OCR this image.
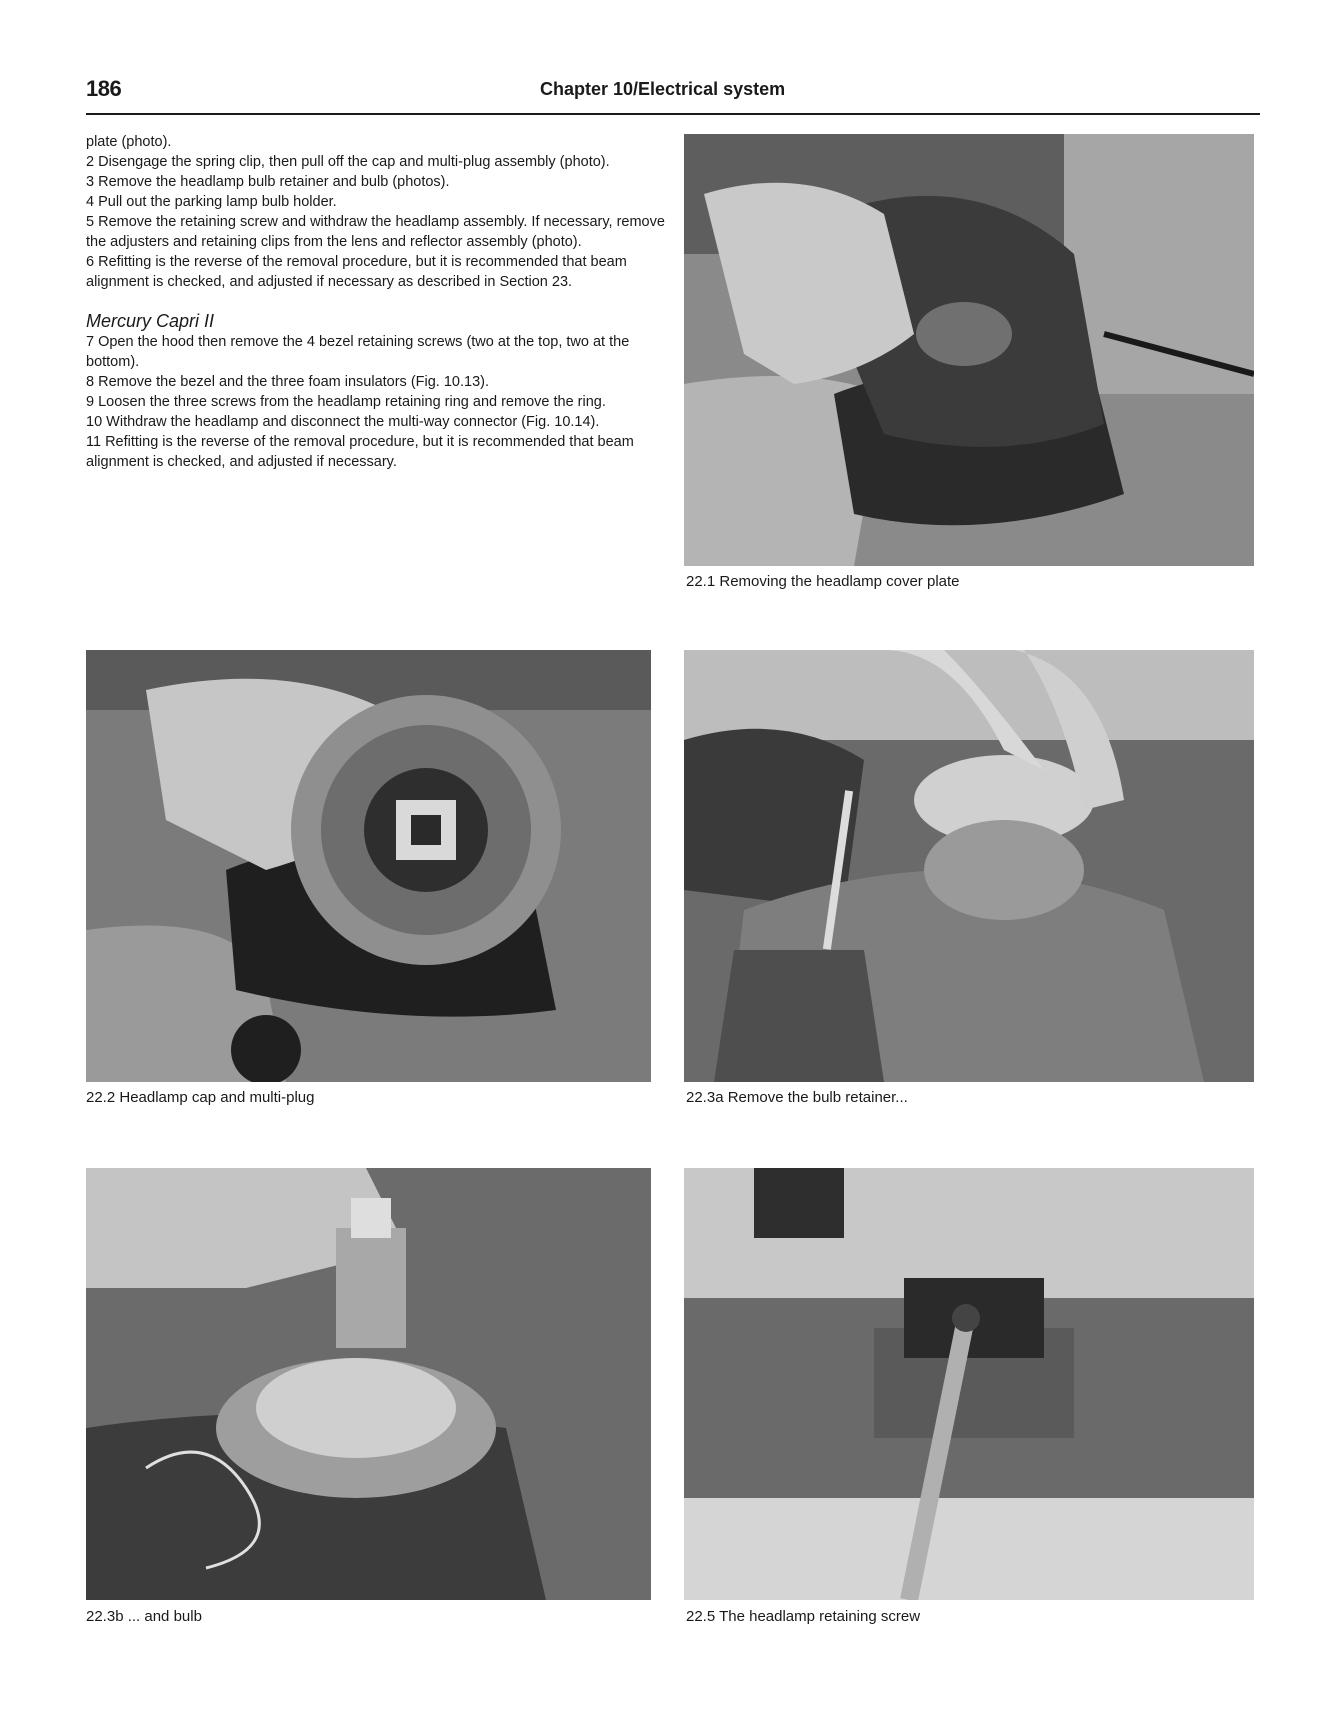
186	Chapter 10/Electrical system

plate (photo).

2 Disengage the spring clip, then pull off the cap and multi-plug assembly (photo).

3 Remove the headlamp bulb retainer and bulb (photos).

4 Pull out the parking lamp bulb holder.

5 Remove the retaining screw and withdraw the headlamp assembly. If necessary, remove the adjusters and retaining clips from the lens and reflector assembly (photo).

6 Refitting is the reverse of the removal procedure, but it is recommended that beam alignment is checked, and adjusted if necessary as described in Section 23.

Mercury Capri II

7 Open the hood then remove the 4 bezel retaining screws (two at the top, two at the bottom).

8 Remove the bezel and the three foam insulators (Fig. 10.13).

9 Loosen the three screws from the headlamp retaining ring and remove the ring.

10 Withdraw the headlamp and disconnect the multi-way connector (Fig. 10.14).

11 Refitting is the reverse of the removal procedure, but it is recommended that beam alignment is checked, and adjusted if necessary.

22.1 Removing the headlamp cover plate
22.2 Headlamp cap and multi-plug	22.3a Remove the bulb retainer...
22.3b ... and bulb	22.5 The headlamp retaining screw
